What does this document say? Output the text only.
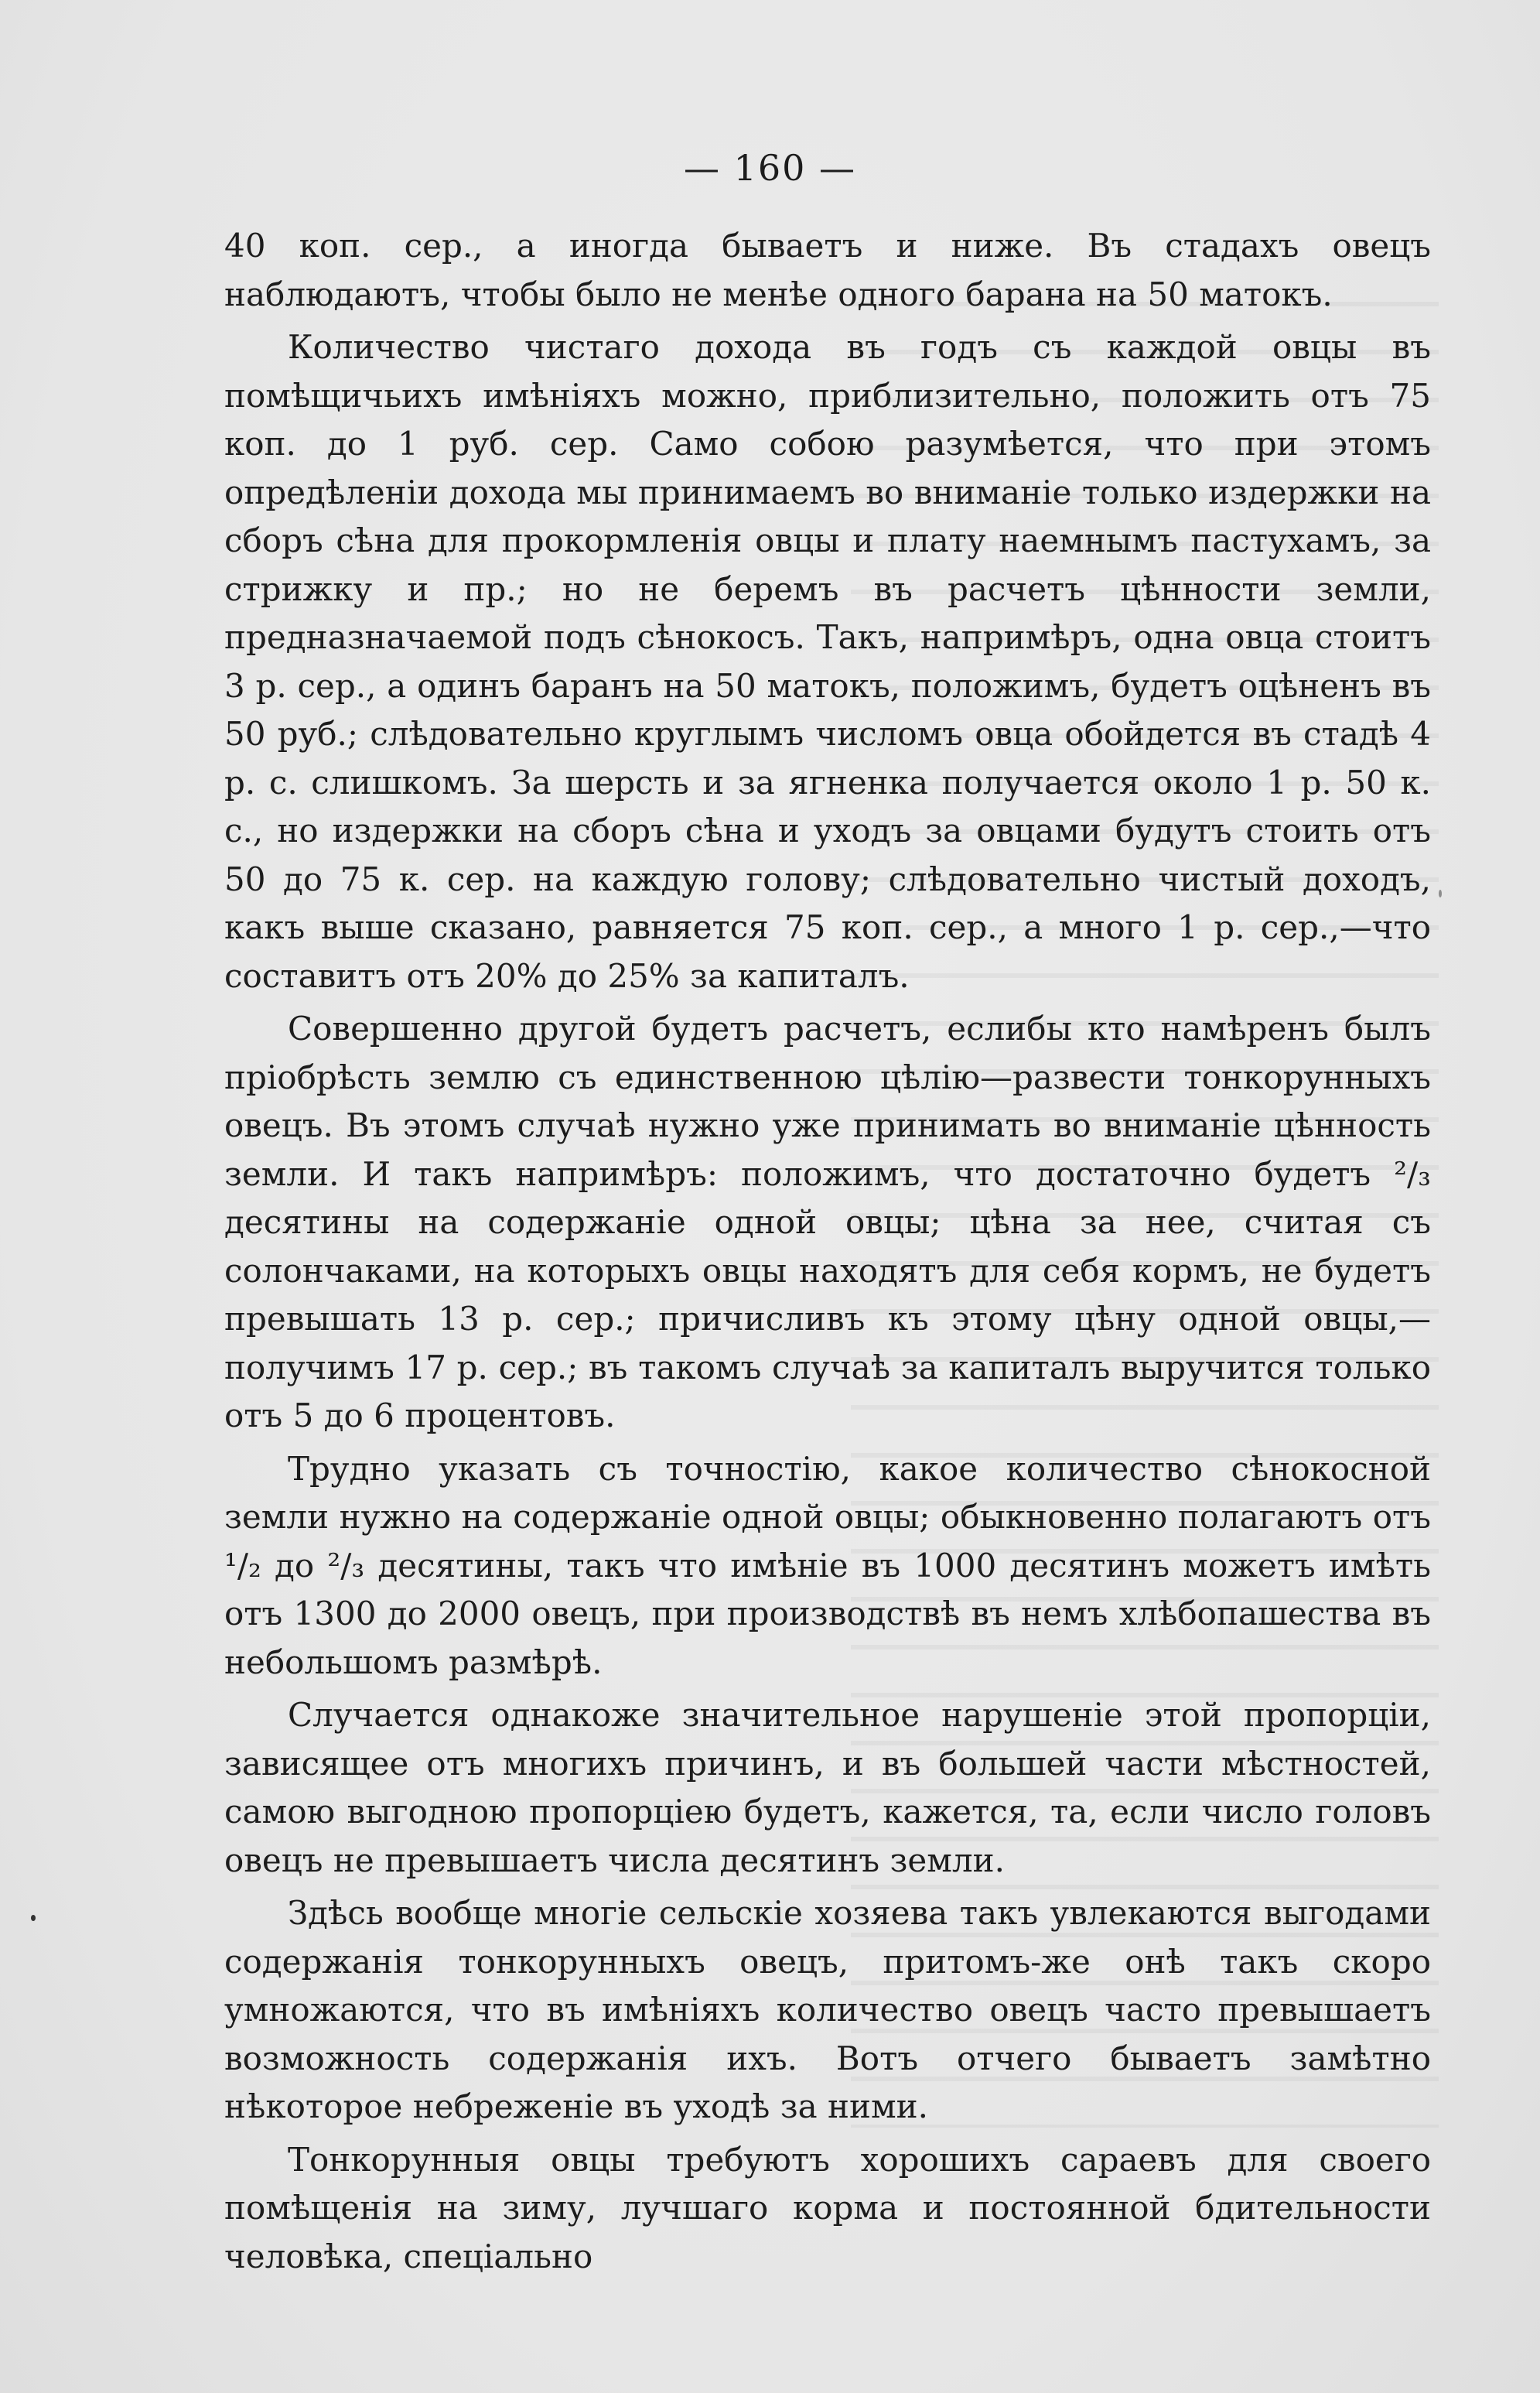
— 160 —

40 коп. сер., а иногда бываетъ и ниже. Въ стадахъ овецъ наблюдаютъ, чтобы было не менѣе одного барана на 50 матокъ.

Количество чистаго дохода въ годъ съ каждой овцы въ помѣщичьихъ имѣніяхъ можно, приблизительно, положить отъ 75 коп. до 1 руб. сер. Само собою разумѣется, что при этомъ опредѣленіи дохода мы принимаемъ во вниманіе только издержки на сборъ сѣна для прокормленія овцы и плату наемнымъ пастухамъ, за стрижку и пр.; но не беремъ въ расчетъ цѣнности земли, предназначаемой подъ сѣнокосъ. Такъ, напримѣръ, одна овца стоитъ 3 р. сер., а одинъ баранъ на 50 матокъ, положимъ, будетъ оцѣненъ въ 50 руб.; слѣдовательно круглымъ числомъ овца обойдется въ стадѣ 4 р. с. слишкомъ. За шерсть и за ягненка получается около 1 р. 50 к. с., но издержки на сборъ сѣна и уходъ за овцами будутъ стоить отъ 50 до 75 к. сер. на каждую голову; слѣдовательно чистый доходъ, какъ выше сказано, равняется 75 коп. сер., а много 1 р. сер.,—что составитъ отъ 20% до 25% за капиталъ.

Совершенно другой будетъ расчетъ, еслибы кто намѣренъ былъ пріобрѣсть землю съ единственною цѣлію—развести тонкорунныхъ овецъ. Въ этомъ случаѣ нужно уже принимать во вниманіе цѣнность земли. И такъ напримѣръ: положимъ, что достаточно будетъ ²/₃ десятины на содержаніе одной овцы; цѣна за нее, считая съ солончаками, на которыхъ овцы находятъ для себя кормъ, не будетъ превышать 13 р. сер.; причисливъ къ этому цѣну одной овцы,—получимъ 17 р. сер.; въ такомъ случаѣ за капиталъ выручится только отъ 5 до 6 процентовъ.

Трудно указать съ точностію, какое количество сѣнокосной земли нужно на содержаніе одной овцы; обыкновенно полагаютъ отъ ¹/₂ до ²/₃ десятины, такъ что имѣніе въ 1000 десятинъ можетъ имѣть отъ 1300 до 2000 овецъ, при производствѣ въ немъ хлѣбопашества въ небольшомъ размѣрѣ.

Случается однакоже значительное нарушеніе этой пропорціи, зависящее отъ многихъ причинъ, и въ большей части мѣстностей, самою выгодною пропорціею будетъ, кажется, та, если число головъ овецъ не превышаетъ числа десятинъ земли.

Здѣсь вообще многіе сельскіе хозяева такъ увлекаются выгодами содержанія тонкорунныхъ овецъ, притомъ-же онѣ такъ скоро умножаются, что въ имѣніяхъ количество овецъ часто превышаетъ возможность содержанія ихъ. Вотъ отчего бываетъ замѣтно нѣкоторое небреженіе въ уходѣ за ними.

Тонкорунныя овцы требуютъ хорошихъ сараевъ для своего помѣщенія на зиму, лучшаго корма и постоянной бдительности человѣка, спеціально
